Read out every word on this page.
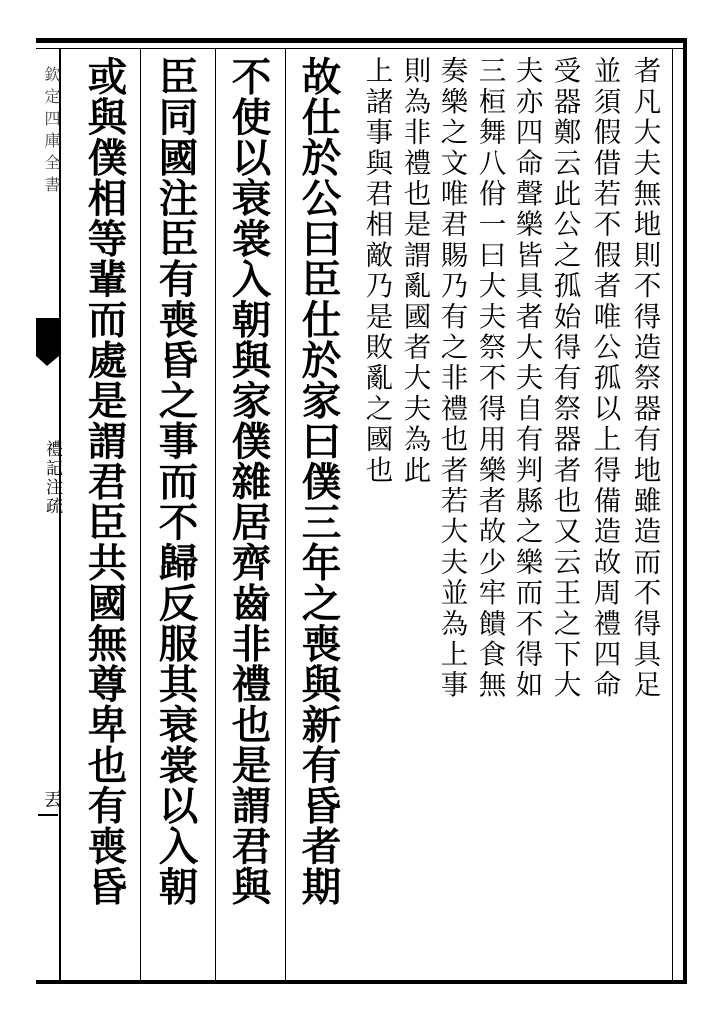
欽定四庫全書
禮記注疏
丟
者凡大夫無地則不得造祭器有地雖造而不得具足
並須假借若不假者唯公孤以上得備造故周禮四命
受器鄭云此公之孤始得有祭器者也又云王之下大
夫亦四命聲樂皆具者大夫自有判縣之樂而不得如
三桓舞八佾一曰大夫祭不得用樂者故少牢饋食無
奏樂之文唯君賜乃有之非禮也者若大夫並為上事
則為非禮也是謂亂國者大夫為此
上諸事與君相敵乃是敗亂之國也
故仕於公曰臣仕於家曰僕三年之喪與新有昏者期
不使以衰裳入朝與家僕雜居齊齒非禮也是謂君與
臣同國注臣有喪昏之事而不歸反服其衰裳以入朝
或與僕相等輩而處是謂君臣共國無尊卑也有喪昏
